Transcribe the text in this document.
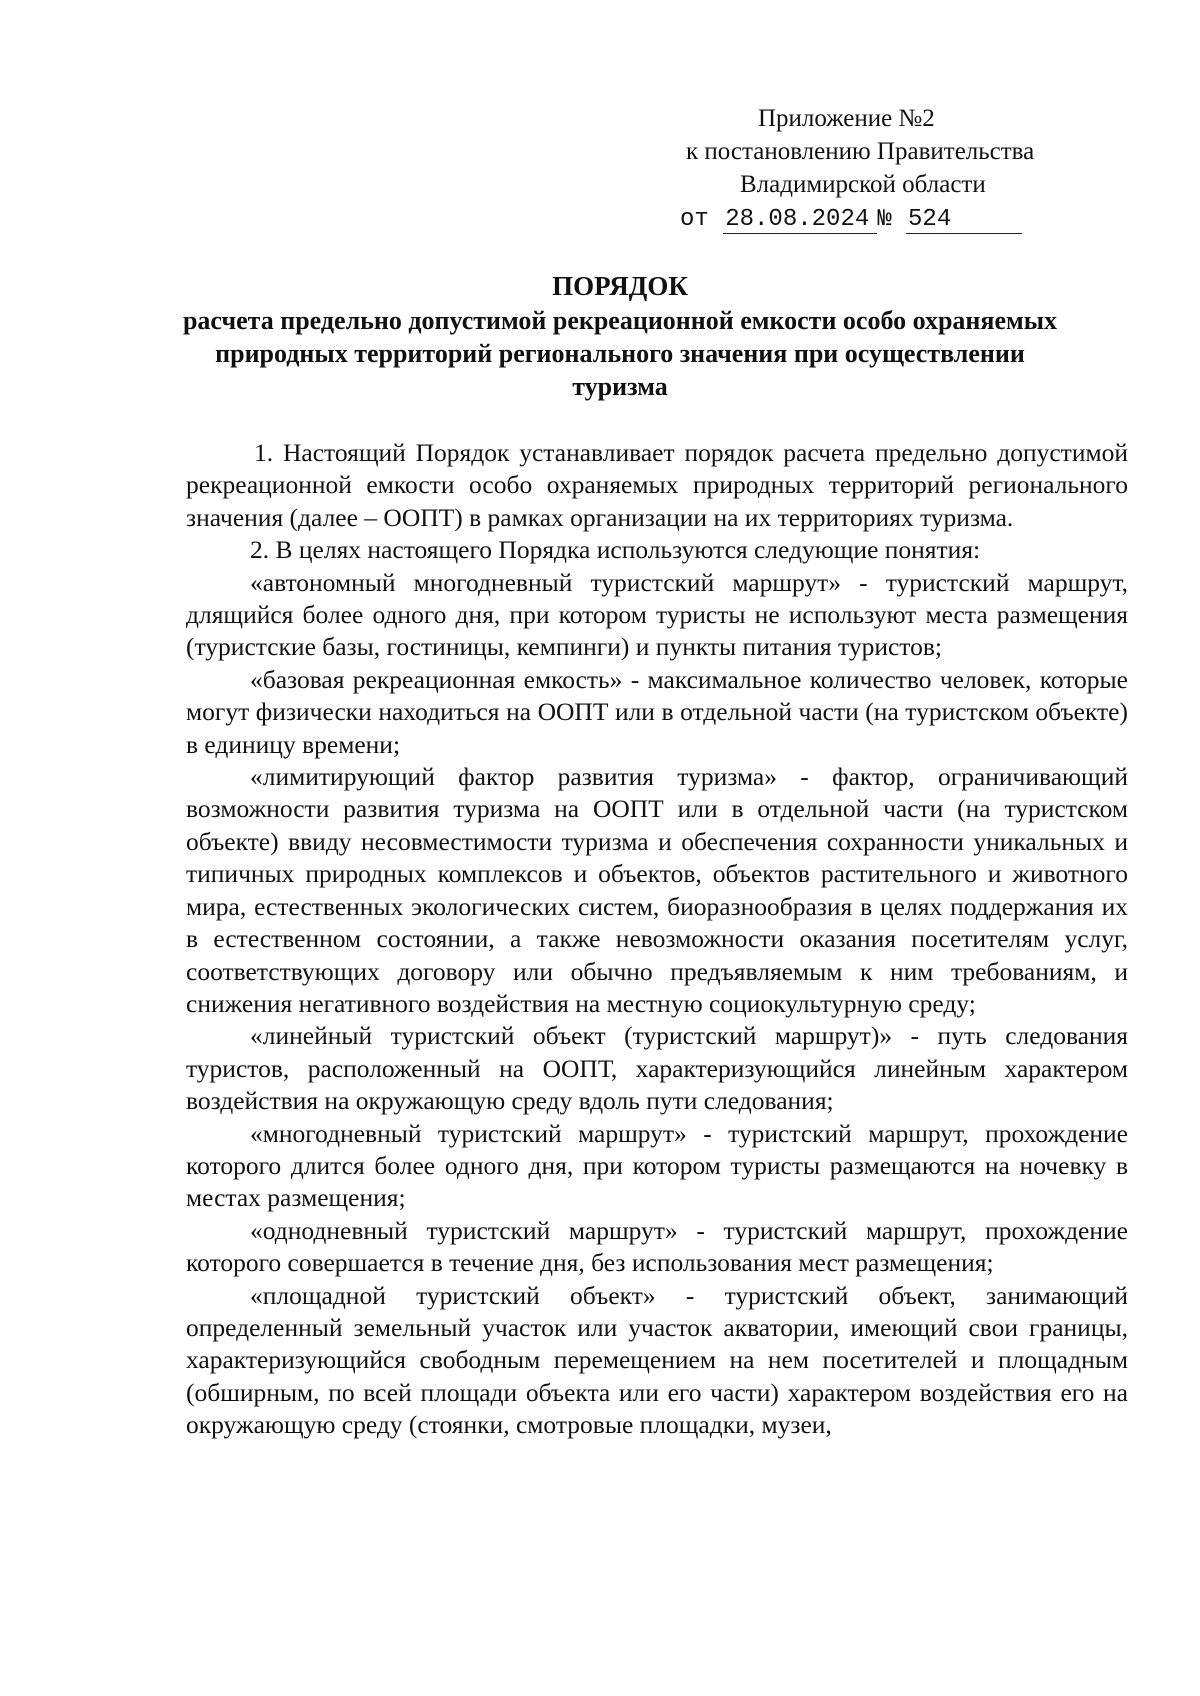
Приложение №2
к постановлению Правительства
Владимирской области
от 28.08.2024 № 524
ПОРЯДОК
расчета предельно допустимой рекреационной емкости особо охраняемых природных территорий регионального значения при осуществлении туризма

1. Настоящий Порядок устанавливает порядок расчета предельно допустимой рекреационной емкости особо охраняемых природных территорий регионального значения (далее – ООПТ) в рамках организации на их территориях туризма.

2. В целях настоящего Порядка используются следующие понятия:

«автономный многодневный туристский маршрут» - туристский маршрут, длящийся более одного дня, при котором туристы не используют места размещения (туристские базы, гостиницы, кемпинги) и пункты питания туристов;

«базовая рекреационная емкость» - максимальное количество человек, которые могут физически находиться на ООПТ или в отдельной части (на туристском объекте) в единицу времени;

«лимитирующий фактор развития туризма» - фактор, ограничивающий возможности развития туризма на ООПТ или в отдельной части (на туристском объекте) ввиду несовместимости туризма и обеспечения сохранности уникальных и типичных природных комплексов и объектов, объектов растительного и животного мира, естественных экологических систем, биоразнообразия в целях поддержания их в естественном состоянии, а также невозможности оказания посетителям услуг, соответствующих договору или обычно предъявляемым к ним требованиям, и снижения негативного воздействия на местную социокультурную среду;

«линейный туристский объект (туристский маршрут)» - путь следования туристов, расположенный на ООПТ, характеризующийся линейным характером воздействия на окружающую среду вдоль пути следования;

«многодневный туристский маршрут» - туристский маршрут, прохождение которого длится более одного дня, при котором туристы размещаются на ночевку в местах размещения;

«однодневный туристский маршрут» - туристский маршрут, прохождение которого совершается в течение дня, без использования мест размещения;

«площадной туристский объект» - туристский объект, занимающий определенный земельный участок или участок акватории, имеющий свои границы, характеризующийся свободным перемещением на нем посетителей и площадным (обширным, по всей площади объекта или его части) характером воздействия его на окружающую среду (стоянки, смотровые площадки, музеи,
